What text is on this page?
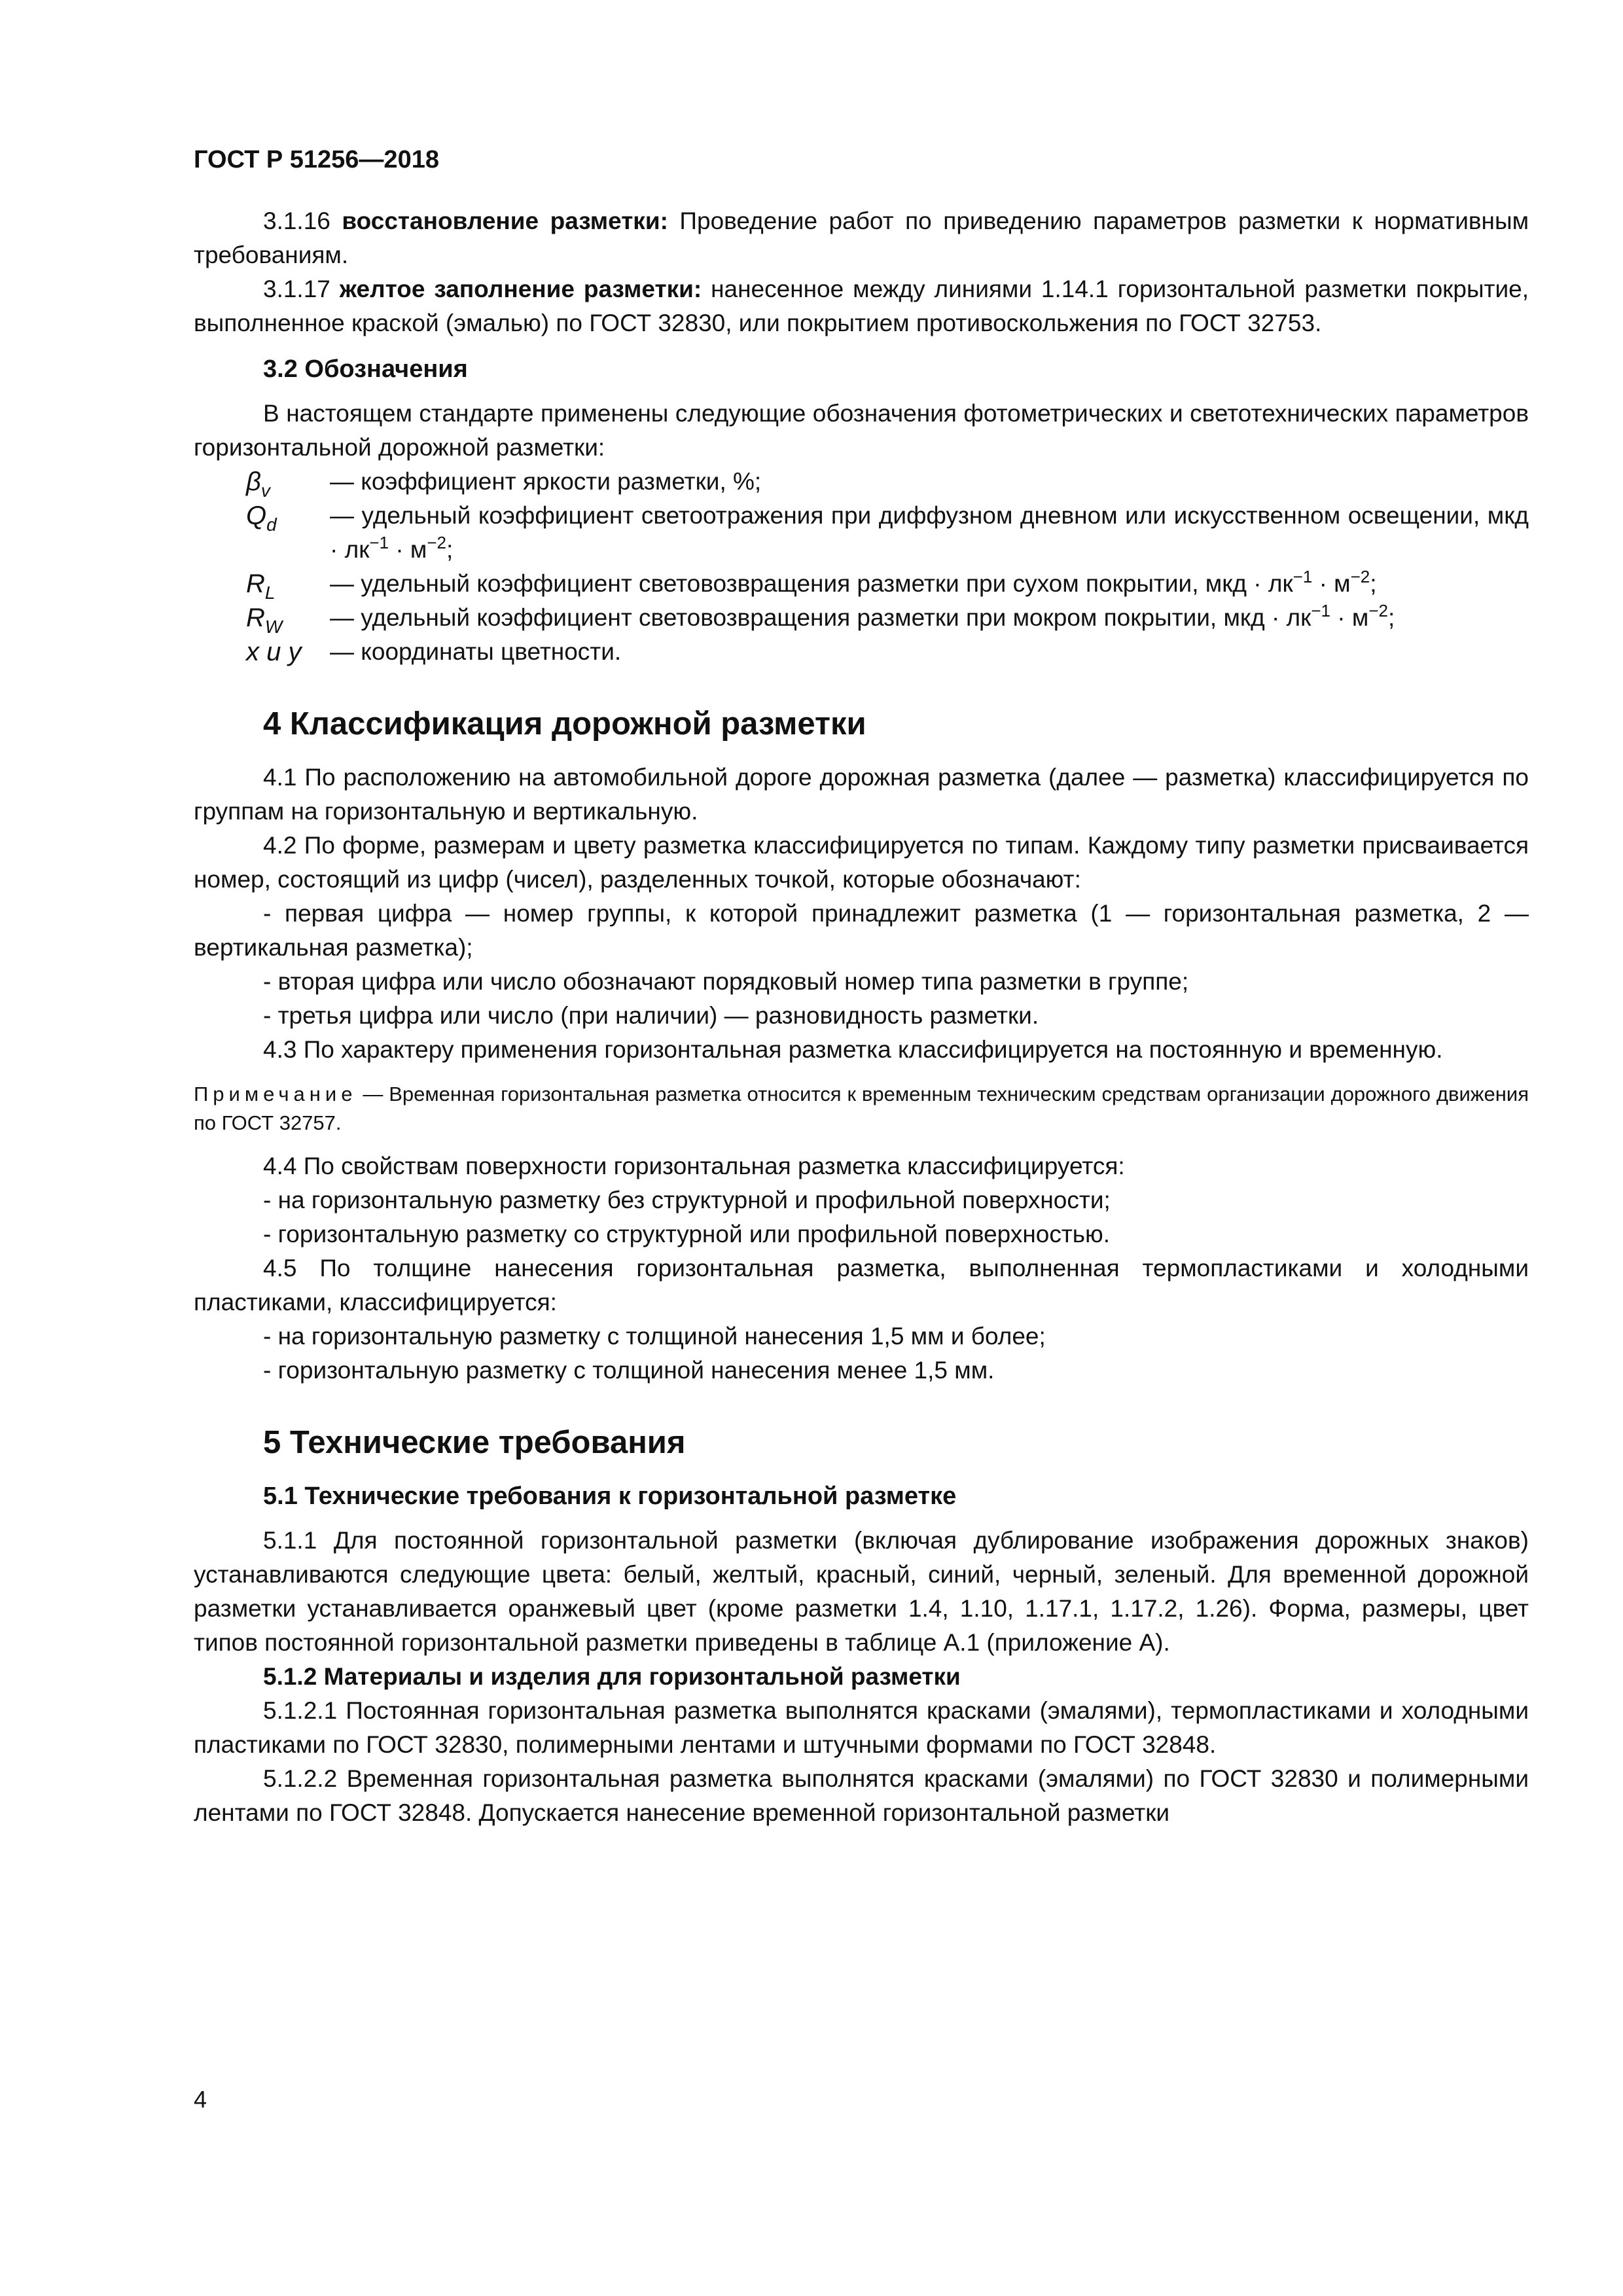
ГОСТ Р 51256—2018

3.1.16 восстановление разметки: Проведение работ по приведению параметров разметки к нормативным требованиям.

3.1.17 желтое заполнение разметки: нанесенное между линиями 1.14.1 горизонтальной разметки покрытие, выполненное краской (эмалью) по ГОСТ 32830, или покрытием противоскольжения по ГОСТ 32753.

3.2 Обозначения

В настоящем стандарте применены следующие обозначения фотометрических и светотехнических параметров горизонтальной дорожной разметки:

$\beta_v$	— коэффициент яркости разметки, %;
$Q_d$	— удельный коэффициент светоотражения при диффузном дневном или искусственном освещении, мкд · $лк^{-1} \cdot м^{-2}$;
$R_L$	— удельный коэффициент световозвращения разметки при сухом покрытии, мкд · $лк^{-1} \cdot м^{-2}$;
$R_W$	— удельный коэффициент световозвращения разметки при мокром покрытии, мкд · $лк^{-1} \cdot м^{-2}$;
x и y	— координаты цветности.
4 Классификация дорожной разметки

4.1 По расположению на автомобильной дороге дорожная разметка (далее — разметка) классифицируется по группам на горизонтальную и вертикальную.

4.2 По форме, размерам и цвету разметка классифицируется по типам. Каждому типу разметки присваивается номер, состоящий из цифр (чисел), разделенных точкой, которые обозначают:

- первая цифра — номер группы, к которой принадлежит разметка (1 — горизонтальная разметка, 2 — вертикальная разметка);

- вторая цифра или число обозначают порядковый номер типа разметки в группе;

- третья цифра или число (при наличии) — разновидность разметки.

4.3 По характеру применения горизонтальная разметка классифицируется на постоянную и временную.

Примечание — Временная горизонтальная разметка относится к временным техническим средствам организации дорожного движения по ГОСТ 32757.

4.4 По свойствам поверхности горизонтальная разметка классифицируется:

- на горизонтальную разметку без структурной и профильной поверхности;

- горизонтальную разметку со структурной или профильной поверхностью.

4.5 По толщине нанесения горизонтальная разметка, выполненная термопластиками и холодными пластиками, классифицируется:

- на горизонтальную разметку с толщиной нанесения 1,5 мм и более;

- горизонтальную разметку с толщиной нанесения менее 1,5 мм.

5 Технические требования
5.1 Технические требования к горизонтальной разметке

5.1.1 Для постоянной горизонтальной разметки (включая дублирование изображения дорожных знаков) устанавливаются следующие цвета: белый, желтый, красный, синий, черный, зеленый. Для временной дорожной разметки устанавливается оранжевый цвет (кроме разметки 1.4, 1.10, 1.17.1, 1.17.2, 1.26). Форма, размеры, цвет типов постоянной горизонтальной разметки приведены в таблице А.1 (приложение А).

5.1.2 Материалы и изделия для горизонтальной разметки

5.1.2.1 Постоянная горизонтальная разметка выполнятся красками (эмалями), термопластиками и холодными пластиками по ГОСТ 32830, полимерными лентами и штучными формами по ГОСТ 32848.

5.1.2.2 Временная горизонтальная разметка выполнятся красками (эмалями) по ГОСТ 32830 и полимерными лентами по ГОСТ 32848. Допускается нанесение временной горизонтальной разметки

4
